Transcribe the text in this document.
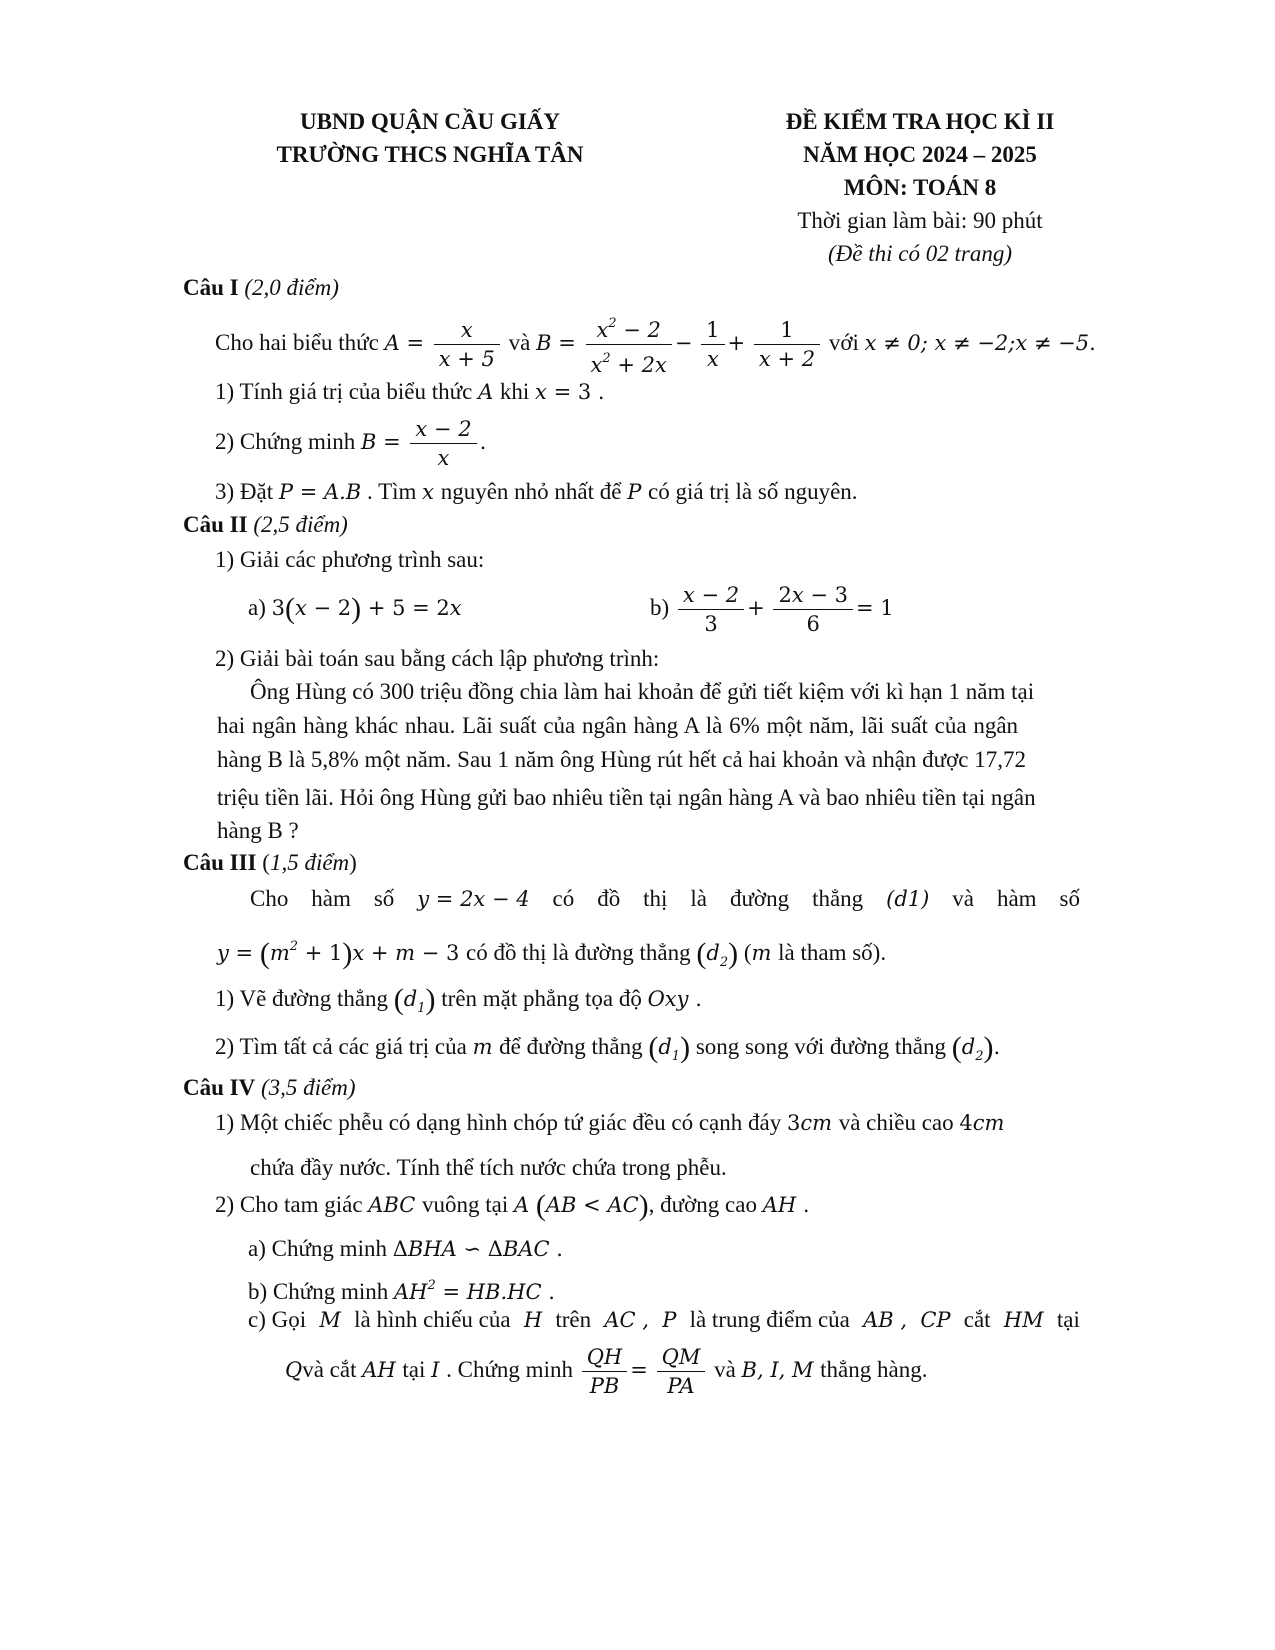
UBND QUẬN CẦU GIẤY
TRƯỜNG THCS NGHĨA TÂN
ĐỀ KIỂM TRA HỌC KÌ II
NĂM HỌC 2024 – 2025
MÔN: TOÁN 8
Thời gian làm bài: 90 phút
(Đề thi có 02 trang)
Câu I (2,0 điểm)
Cho hai biểu thức $A = \frac{x}{x + 5}$ và $B = \frac{x^2 - 2}{x^2 + 2x} - \frac{1}{x} + \frac{1}{x + 2}$ với x ≠ 0; x ≠ −2;x ≠ −5.
1) Tính giá trị của biểu thức A khi x = 3 .
2) Chứng minh $B = \frac{x - 2}{x}$ .
3) Đặt P = A.B . Tìm x nguyên nhỏ nhất để P có giá trị là số nguyên.
Câu II (2,5 điểm)
1) Giải các phương trình sau:
a) 3(x − 2) + 5 = 2x	$b) \frac{x - 2}{3} + \frac{2x - 3}{6} = 1$
2) Giải bài toán sau bằng cách lập phương trình:
Ông Hùng có 300 triệu đồng chia làm hai khoản để gửi tiết kiệm với kì hạn 1 năm tại
hai ngân hàng khác nhau. Lãi suất của ngân hàng A là 6% một năm, lãi suất của ngân
hàng B là 5,8% một năm. Sau 1 năm ông Hùng rút hết cả hai khoản và nhận được 17,72
triệu tiền lãi. Hỏi ông Hùng gửi bao nhiêu tiền tại ngân hàng A và bao nhiêu tiền tại ngân
hàng B ?
Câu III (1,5 điểm)
Cho hàm số y = 2x − 4 có đồ thị là đường thẳng (d1) và hàm số
$y = (m^2 + 1)x + m - 3$ có đồ thị là đường thẳng $(d_2)$ (m là tham số).
1) Vẽ đường thẳng $(d_1)$ trên mặt phẳng tọa độ Oxy .
2) Tìm tất cả các giá trị của m để đường thẳng $(d_1)$ song song với đường thẳng $(d_2)$.
Câu IV (3,5 điểm)
1) Một chiếc phễu có dạng hình chóp tứ giác đều có cạnh đáy 3cm và chiều cao 4cm
chứa đầy nước. Tính thể tích nước chứa trong phễu.
2) Cho tam giác ABC vuông tại A (AB < AC), đường cao AH .
a) Chứng minh ΔBHA ∽ ΔBAC .
b) Chứng minh $AH^2 = HB.HC$ .
c) Gọi M là hình chiếu của H trên AC , P là trung điểm của AB , CP cắt HM tại
Qvà cắt AH tại I . Chứng minh $\frac{QH}{PB} = \frac{QM}{PA}$ và B, I, M thẳng hàng.
